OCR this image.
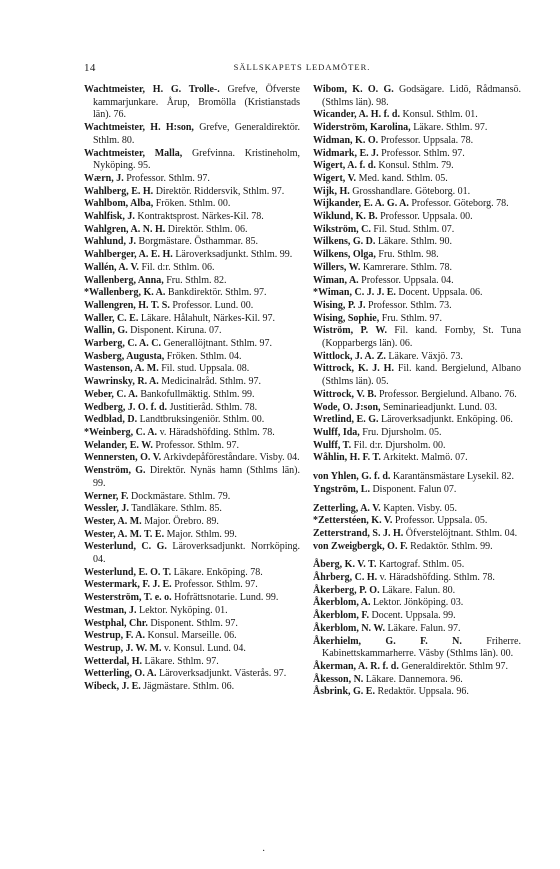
14	SÄLLSKAPETS LEDAMÖTER.

Wachtmeister, H. G. Trolle-. Grefve, Öfverste kammarjunkare. Årup, Bromölla (Kristianstads län). 76.

Wachtmeister, H. H:son, Grefve, Generaldirektör. Sthlm. 80.

Wachtmeister, Malla, Grefvinna. Kristineholm, Nyköping. 95.

Wærn, J. Professor. Sthlm. 97.

Wahlberg, E. H. Direktör. Riddersvik, Sthlm. 97.

Wahlbom, Alba, Fröken. Sthlm. 00.

Wahlfisk, J. Kontraktsprost. Närkes-Kil. 78.

Wahlgren, A. N. H. Direktör. Sthlm. 06.

Wahlund, J. Borgmästare. Östhammar. 85.

Wahlberger, A. E. H. Läroverksadjunkt. Sthlm. 99.

Wallén, A. V. Fil. d:r. Sthlm. 06.

Wallenberg, Anna, Fru. Sthlm. 82.

*Wallenberg, K. A. Bankdirektör. Sthlm. 97.

Wallengren, H. T. S. Professor. Lund. 00.

Waller, C. E. Läkare. Hålahult, Närkes-Kil. 97.

Wallin, G. Disponent. Kiruna. 07.

Warberg, C. A. C. Generallöjtnant. Sthlm. 97.

Wasberg, Augusta, Fröken. Sthlm. 04.

Wastenson, A. M. Fil. stud. Uppsala. 08.

Wawrinsky, R. A. Medicinalråd. Sthlm. 97.

Weber, C. A. Bankofullmäktig. Sthlm. 99.

Wedberg, J. O. f. d. Justitieråd. Sthlm. 78.

Wedblad, D. Landtbruksingeniör. Sthlm. 00.

*Weinberg, C. A. v. Häradshöfding. Sthlm. 78.

Welander, E. W. Professor. Sthlm. 97.

Wennersten, O. V. Arkivdepåföreståndare. Visby. 04.

Wenström, G. Direktör. Nynäs hamn (Sthlms län). 99.

Werner, F. Dockmästare. Sthlm. 79.

Wessler, J. Tandläkare. Sthlm. 85.

Wester, A. M. Major. Örebro. 89.

Wester, A. M. T. E. Major. Sthlm. 99.

Westerlund, C. G. Läroverksadjunkt. Norrköping. 04.

Westerlund, E. O. T. Läkare. Enköping. 78.

Westermark, F. J. E. Professor. Sthlm. 97.

Westerström, T. e. o. Hofrättsnotarie. Lund. 99.

Westman, J. Lektor. Nyköping. 01.

Westphal, Chr. Disponent. Sthlm. 97.

Westrup, F. A. Konsul. Marseille. 06.

Westrup, J. W. M. v. Konsul. Lund. 04.

Wetterdal, H. Läkare. Sthlm. 97.

Wetterling, O. A. Läroverksadjunkt. Västerås. 97.

Wibeck, J. E. Jägmästare. Sthlm. 06.

Wibom, K. O. G. Godsägare. Lidö, Rådmansö. (Sthlms län). 98.

Wicander, A. H. f. d. Konsul. Sthlm. 01.

Widerström, Karolina, Läkare. Sthlm. 97.

Widman, K. O. Professor. Uppsala. 78.

Widmark, E. J. Professor. Sthlm. 97.

Wigert, A. f. d. Konsul. Sthlm. 79.

Wigert, V. Med. kand. Sthlm. 05.

Wijk, H. Grosshandlare. Göteborg. 01.

Wijkander, E. A. G. A. Professor. Göteborg. 78.

Wiklund, K. B. Professor. Uppsala. 00.

Wikström, C. Fil. Stud. Sthlm. 07.

Wilkens, G. D. Läkare. Sthlm. 90.

Wilkens, Olga, Fru. Sthlm. 98.

Willers, W. Kamrerare. Sthlm. 78.

Wiman, A. Professor. Uppsala. 04.

*Wiman, C. J. J. E. Docent. Uppsala. 06.

Wising, P. J. Professor. Sthlm. 73.

Wising, Sophie, Fru. Sthlm. 97.

Wiström, P. W. Fil. kand. Fornby, St. Tuna (Kopparbergs län). 06.

Wittlock, J. A. Z. Läkare. Växjö. 73.

Wittrock, K. J. H. Fil. kand. Bergielund, Albano (Sthlms län). 05.

Wittrock, V. B. Professor. Bergielund. Albano. 76.

Wode, O. J:son, Seminarieadjunkt. Lund. 03.

Wretlind, E. G. Läroverksadjunkt. Enköping. 06.

Wulff, Ida, Fru. Djursholm. 05.

Wulff, T. Fil. d:r. Djursholm. 00.

Wåhlin, H. F. T. Arkitekt. Malmö. 07.

von Yhlen, G. f. d. Karantänsmästare Lysekil. 82.

Yngström, L. Disponent. Falun 07.

Zetterling, A. V. Kapten. Visby. 05.

*Zetterstéen, K. V. Professor. Uppsala. 05.

Zetterstrand, S. J. H. Öfverstelöjtnant. Sthlm. 04.

von Zweigbergk, O. F. Redaktör. Sthlm. 99.

Åberg, K. V. T. Kartograf. Sthlm. 05.

Åhrberg, C. H. v. Häradshöfding. Sthlm. 78.

Åkerberg, P. O. Läkare. Falun. 80.

Åkerblom, A. Lektor. Jönköping. 03.

Åkerblom, F. Docent. Uppsala. 99.

Åkerblom, N. W. Läkare. Falun. 97.

Åkerhielm, G. F. N. Friherre. Kabinettskammarherre. Väsby (Sthlms län). 00.

Åkerman, A. R. f. d. Generaldirektör. Sthlm 97.

Åkesson, N. Läkare. Dannemora. 96.

Åsbrink, G. E. Redaktör. Uppsala. 96.

·
